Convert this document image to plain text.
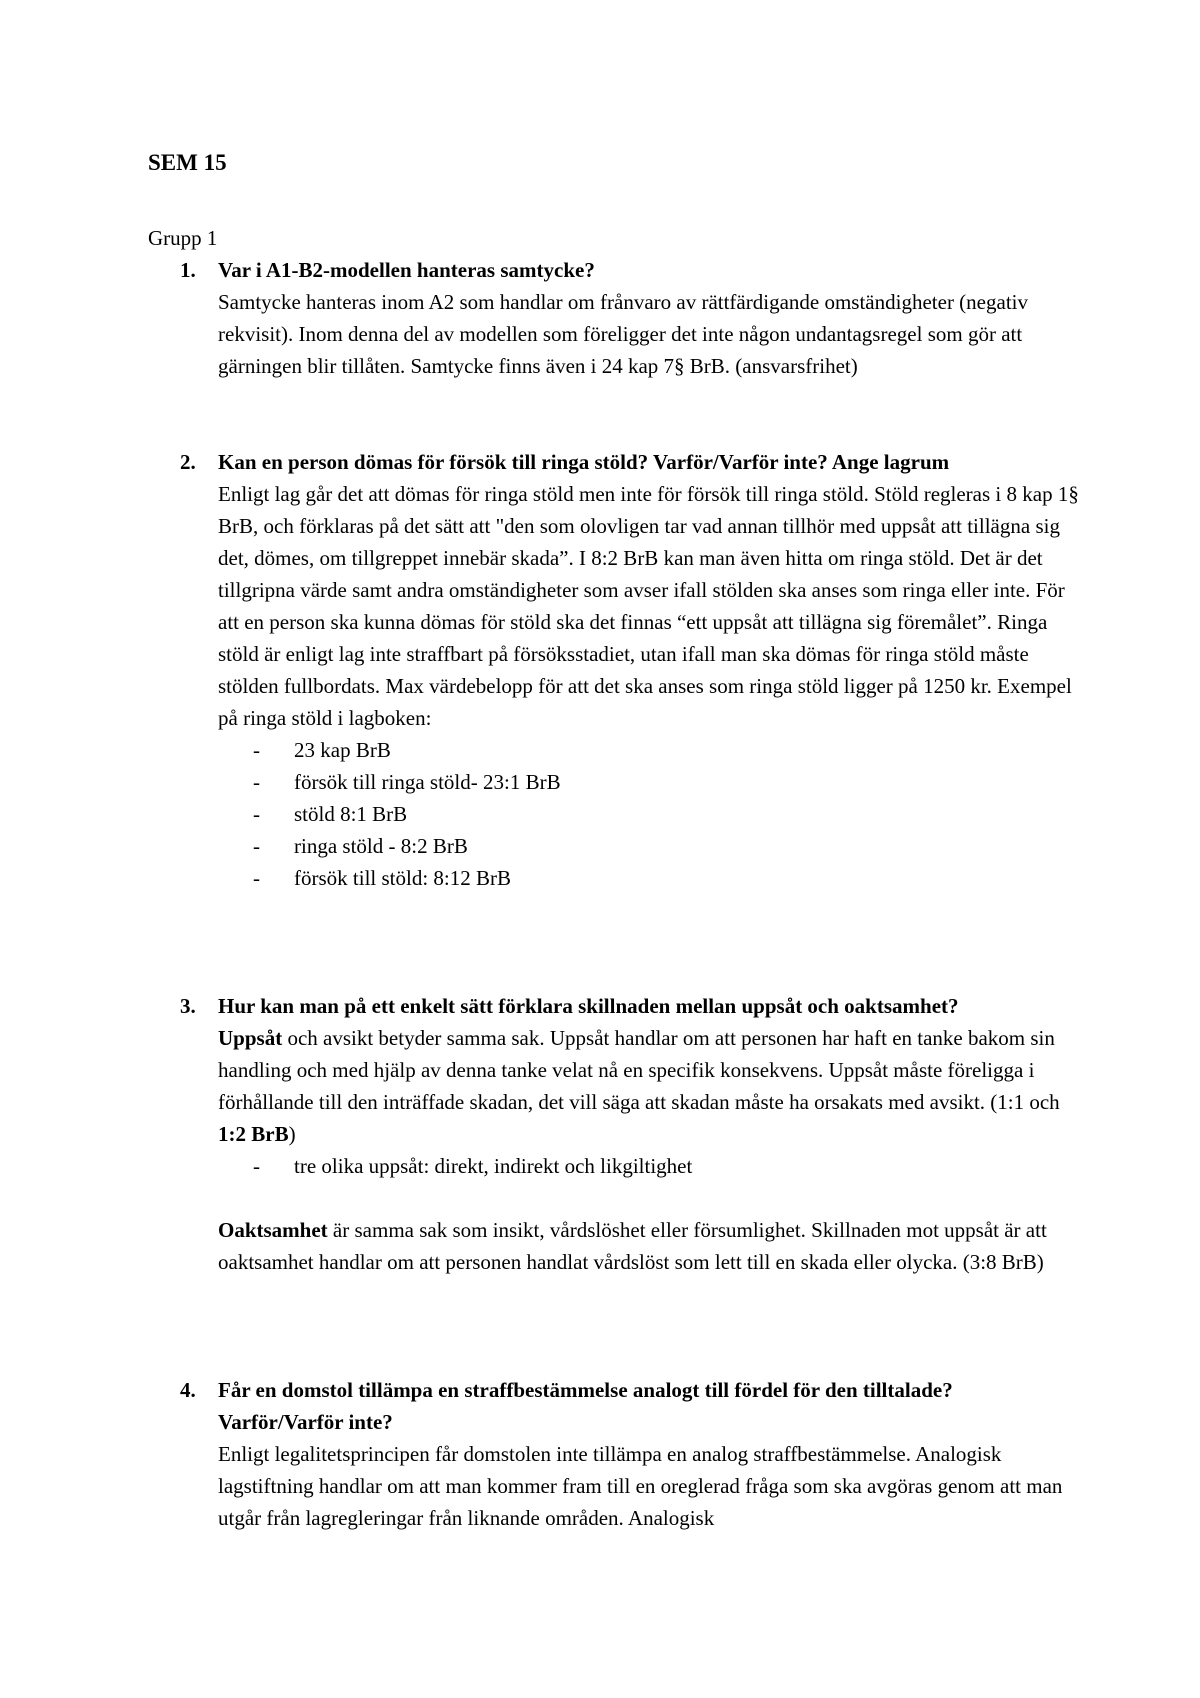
SEM 15

Grupp 1

1. Var i A1-B2-modellen hanteras samtycke?

Samtycke hanteras inom A2 som handlar om frånvaro av rättfärdigande omständigheter (negativ rekvisit). Inom denna del av modellen som föreligger det inte någon undantagsregel som gör att gärningen blir tillåten. Samtycke finns även i 24 kap 7§ BrB. (ansvarsfrihet)

2. Kan en person dömas för försök till ringa stöld? Varför/Varför inte? Ange lagrum

Enligt lag går det att dömas för ringa stöld men inte för försök till ringa stöld. Stöld regleras i 8 kap 1§ BrB, och förklaras på det sätt att "den som olovligen tar vad annan tillhör med uppsåt att tillägna sig det, dömes, om tillgreppet innebär skada”. I 8:2 BrB kan man även hitta om ringa stöld. Det är det tillgripna värde samt andra omständigheter som avser ifall stölden ska anses som ringa eller inte. För att en person ska kunna dömas för stöld ska det finnas “ett uppsåt att tillägna sig föremålet”. Ringa stöld är enligt lag inte straffbart på försöksstadiet, utan ifall man ska dömas för ringa stöld måste stölden fullbordats. Max värdebelopp för att det ska anses som ringa stöld ligger på 1250 kr. Exempel på ringa stöld i lagboken:

- 23 kap BrB
- försök till ringa stöld- 23:1 BrB
- stöld 8:1 BrB
- ringa stöld - 8:2 BrB
- försök till stöld: 8:12 BrB
3. Hur kan man på ett enkelt sätt förklara skillnaden mellan uppsåt och oaktsamhet?

Uppsåt och avsikt betyder samma sak. Uppsåt handlar om att personen har haft en tanke bakom sin handling och med hjälp av denna tanke velat nå en specifik konsekvens. Uppsåt måste föreligga i förhållande till den inträffade skadan, det vill säga att skadan måste ha orsakats med avsikt. (1:1 och 1:2 BrB)

- tre olika uppsåt: direkt, indirekt och likgiltighet

Oaktsamhet är samma sak som insikt, vårdslöshet eller försumlighet. Skillnaden mot uppsåt är att oaktsamhet handlar om att personen handlat vårdslöst som lett till en skada eller olycka. (3:8 BrB)

4. Får en domstol tillämpa en straffbestämmelse analogt till fördel för den tilltalade? Varför/Varför inte?

Enligt legalitetsprincipen får domstolen inte tillämpa en analog straffbestämmelse. Analogisk lagstiftning handlar om att man kommer fram till en oreglerad fråga som ska avgöras genom att man utgår från lagregleringar från liknande områden. Analogisk
